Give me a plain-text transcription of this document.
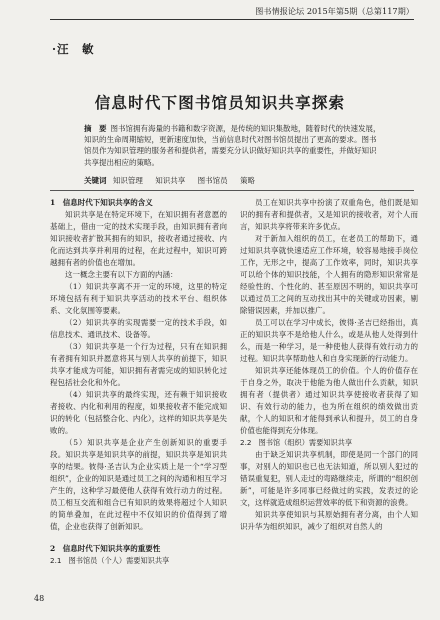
图书情报论坛 2015年第5期（总第117期）
·汪　敏
信息时代下图书馆员知识共享探索
摘　要 图书馆拥有海量的书籍和数字资源，是传统的知识集散地，随着时代的快速发展，知识的生命周期缩短，更新速度加快，当前信息时代对图书馆员提出了更高的要求。图书馆员作为知识管理的服务者和提供者，需要充分认识做好知识共享的重要性，并做好知识共享提出相应的策略。
关键词 知识管理 知识共享 图书馆员 策略
1　信息时代下知识共享的含义

知识共享是在特定环境下，在知识拥有者意愿的基础上，借由一定的技术实现手段，由知识拥有者向知识接收者扩散其拥有的知识，接收者通过接收、内化而达到共享并利用的过程，在此过程中，知识可跨越拥有者的价值也在增加。

这一概念主要有以下方面的内涵：

（1）知识共享离不开一定的环境，这里的特定环境包括有利于知识共享活动的技术平台、组织体系、文化氛围等要素。

（2）知识共享的实现需要一定的技术手段，如信息技术、通讯技术、设备等。

（3）知识共享是一个行为过程，只有在知识拥有者拥有知识并愿意将其与别人共享的前提下，知识共享才能成为可能，知识拥有者需完成的知识转化过程包括社会化和外化。

（4）知识共享的最终实现，还有赖于知识接收者接收、内化和利用的程度，如果接收者不能完成知识的转化（包括整合化、内化），这样的知识共享是失败的。

（5）知识共享是企业产生创新知识的重要手段。知识共享是知识共享的前提，知识共享是知识共享的结果。彼得·圣吉认为企业实质上是一个“学习型组织”，企业的知识是通过员工之间的沟通和相互学习产生的，这种学习最使他人获得有效行动力的过程。员工相互交流和组合已有知识的效果将超过个人知识的简单叠加，在此过程中不仅知识的价值得到了增值，企业也获得了创新知识。

2　信息时代下知识共享的重要性
2.1　图书馆员（个人）需要知识共享

员工在知识共享中扮演了双重角色，他们既是知识的拥有者和提供者，又是知识的接收者，对个人而言，知识共享将带来许多优点。

对于新加入组织的员工，在老员工的帮助下，通过知识共享就快速适应工作环境，较容易地接手岗位工作，无形之中，提高了工作效率，同时，知识共享可以给个体的知识技能，个人拥有的隐形知识常常是经验性的、个性化的、甚至原因不明的，知识共享可以通过员工之间的互动找出其中的关键或功因素，剔除错误因素，并加以推广。

员工可以在学习中成长，彼得·圣吉已经指出，真正的知识共享不是给他人什么，或是从他人处得到什么，而是一种学习，是一种使他人获得有效行动力的过程。知识共享帮助他人和自身实现新的行动能力。

知识共享还能体现员工的价值。个人的价值存在于自身之外，取决于他能为他人做出什么贡献，知识拥有者（提供者）通过知识共享使接收者获得了知识、有效行动的能力，也为所在组织的绩效做出贡献，个人的知识和才能得到承认和提升，员工的自身价值也能得到充分体现。

2.2　图书馆（组织）需要知识共享

由于缺乏知识共享机制，即使是同一个部门的同事，对别人的知识也已也无法知道，所以别人犯过的错误重复犯，别人走过的弯路继续走，所谓的“组织创新”，可能是许多同事已经做过的实践，发表过的论文，这样就造成组织运营效率的低下和资源的浪费。

知识共享使知识与其原始拥有者分离，由个人知识升华为组织知识，减少了组织对自然人的

48
